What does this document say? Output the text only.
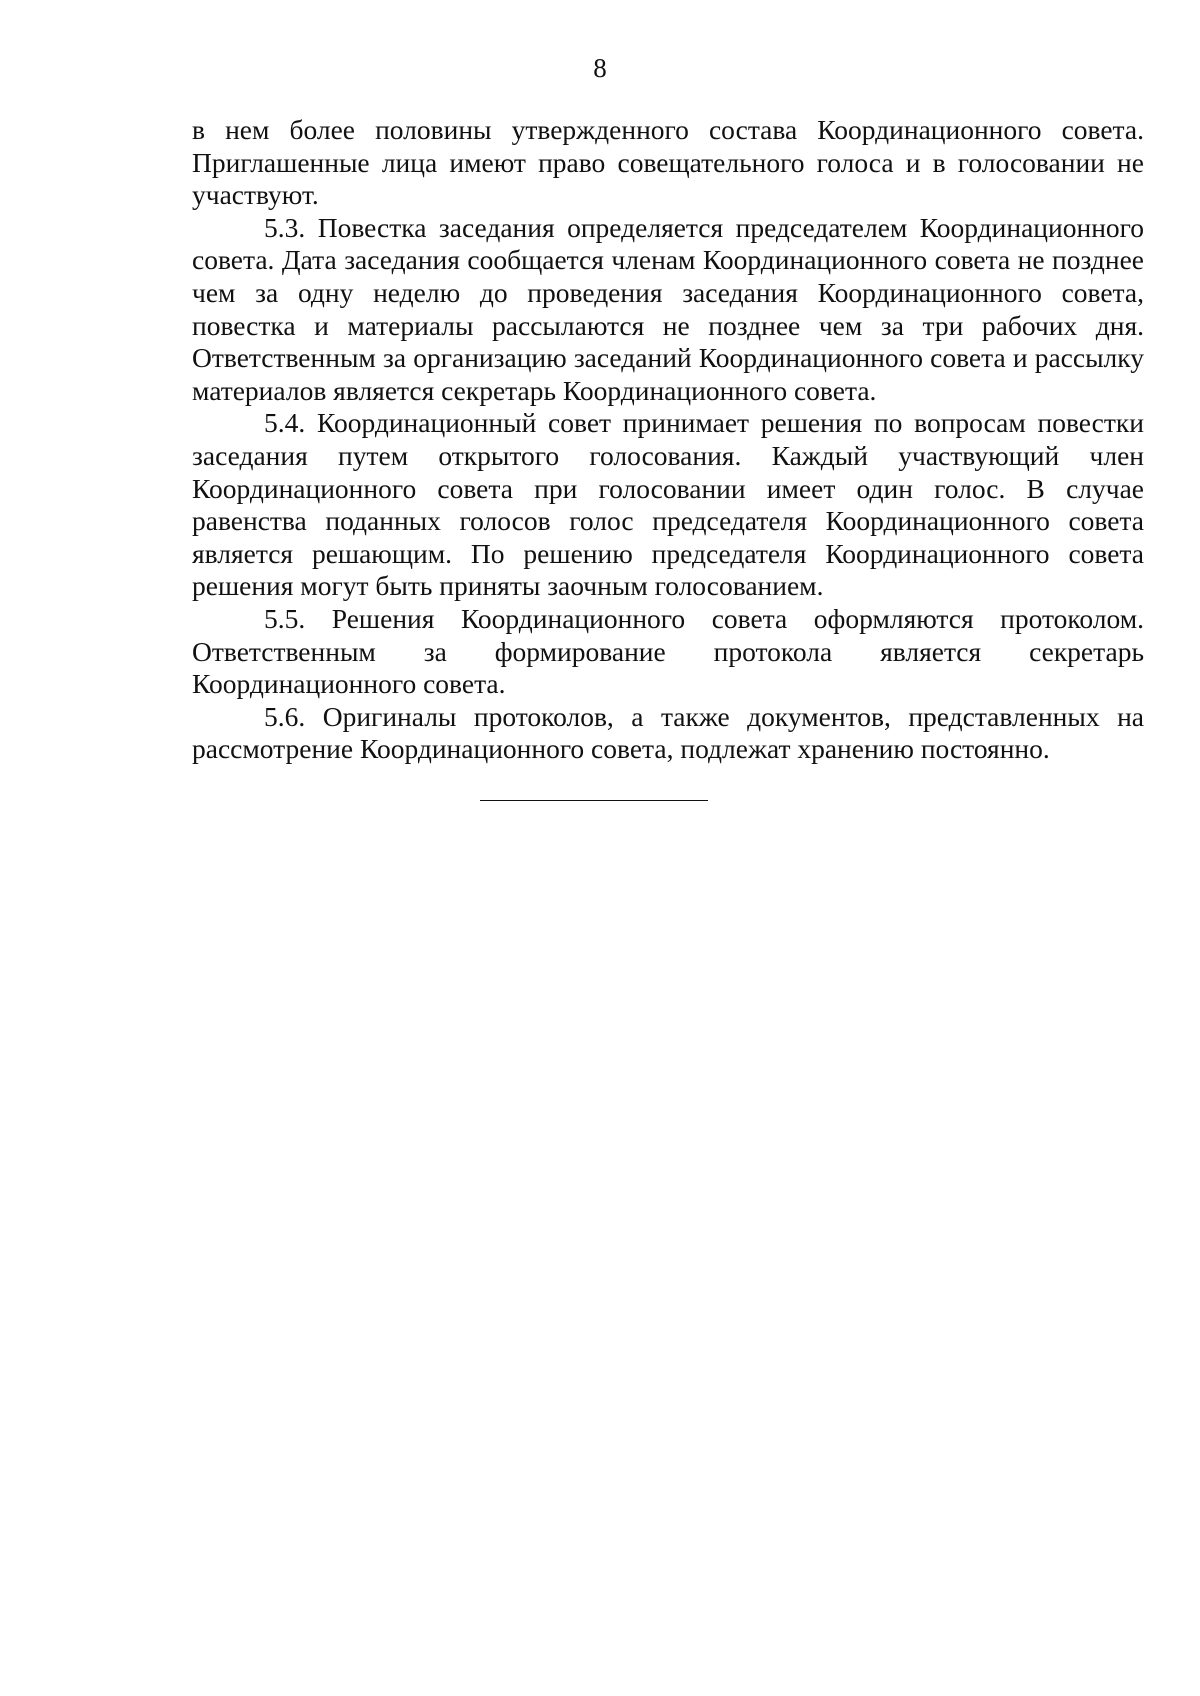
8

в нем более половины утвержденного состава Координационного совета. Приглашенные лица имеют право совещательного голоса и в голосовании не участвуют.

5.3. Повестка заседания определяется председателем Координационного совета. Дата заседания сообщается членам Координационного совета не позднее чем за одну неделю до проведения заседания Координационного совета, повестка и материалы рассылаются не позднее чем за три рабочих дня. Ответственным за организацию заседаний Координационного совета и рассылку материалов является секретарь Координационного совета.

5.4. Координационный совет принимает решения по вопросам повестки заседания путем открытого голосования. Каждый участвующий член Координационного совета при голосовании имеет один голос. В случае равенства поданных голосов голос председателя Координационного совета является решающим. По решению председателя Координационного совета решения могут быть приняты заочным голосованием.

5.5. Решения Координационного совета оформляются протоколом. Ответственным за формирование протокола является секретарь Координационного совета.

5.6. Оригиналы протоколов, а также документов, представленных на рассмотрение Координационного совета, подлежат хранению постоянно.
